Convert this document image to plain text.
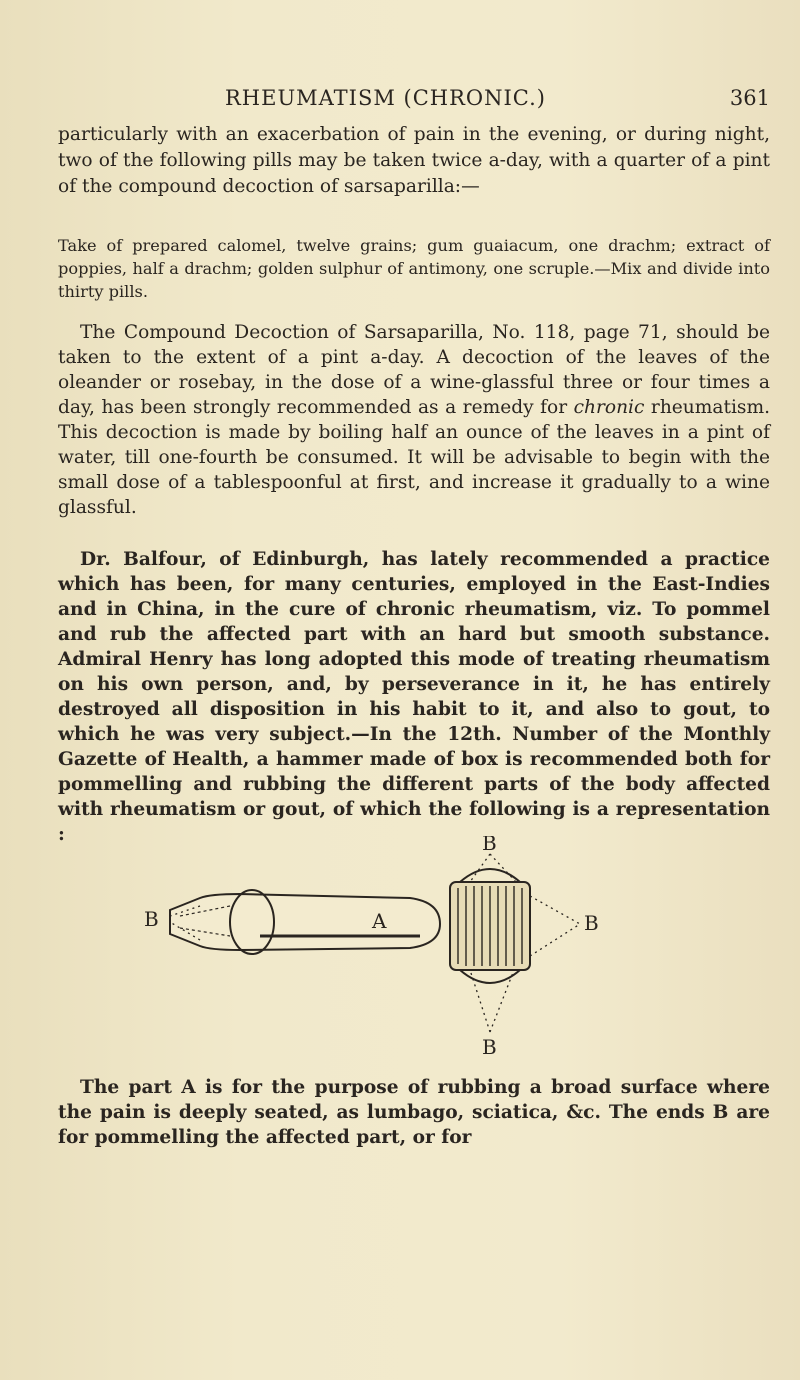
RHEUMATISM (CHRONIC.)	361

particularly with an exacerbation of pain in the evening, or during night, two of the following pills may be taken twice a-day, with a quarter of a pint of the compound decoction of sarsaparilla:—

Take of prepared calomel, twelve grains; gum guaiacum, one drachm; extract of poppies, half a drachm; golden sulphur of antimony, one scruple.—Mix and divide into thirty pills.

The Compound Decoction of Sarsaparilla, No. 118, page 71, should be taken to the extent of a pint a-day. A decoction of the leaves of the oleander or rosebay, in the dose of a wine-glassful three or four times a day, has been strongly recommended as a remedy for chronic rheumatism. This decoction is made by boiling half an ounce of the leaves in a pint of water, till one-fourth be consumed. It will be advisable to begin with the small dose of a tablespoonful at first, and increase it gradually to a wine glassful.

Dr. Balfour, of Edinburgh, has lately recommended a practice which has been, for many centuries, employed in the East-Indies and in China, in the cure of chronic rheumatism, viz. To pommel and rub the affected part with an hard but smooth substance. Admiral Henry has long adopted this mode of treating rheumatism on his own person, and, by perseverance in it, he has entirely destroyed all disposition in his habit to it, and also to gout, to which he was very subject.—In the 12th. Number of the Monthly Gazette of Health, a hammer made of box is recommended both for pommelling and rubbing the different parts of the body affected with rheumatism or gout, of which the following is a representation :	B
B	A	B
B

The part A is for the purpose of rubbing a broad surface where the pain is deeply seated, as lumbago, sciatica, &c. The ends B are for pommelling the affected part, or for
